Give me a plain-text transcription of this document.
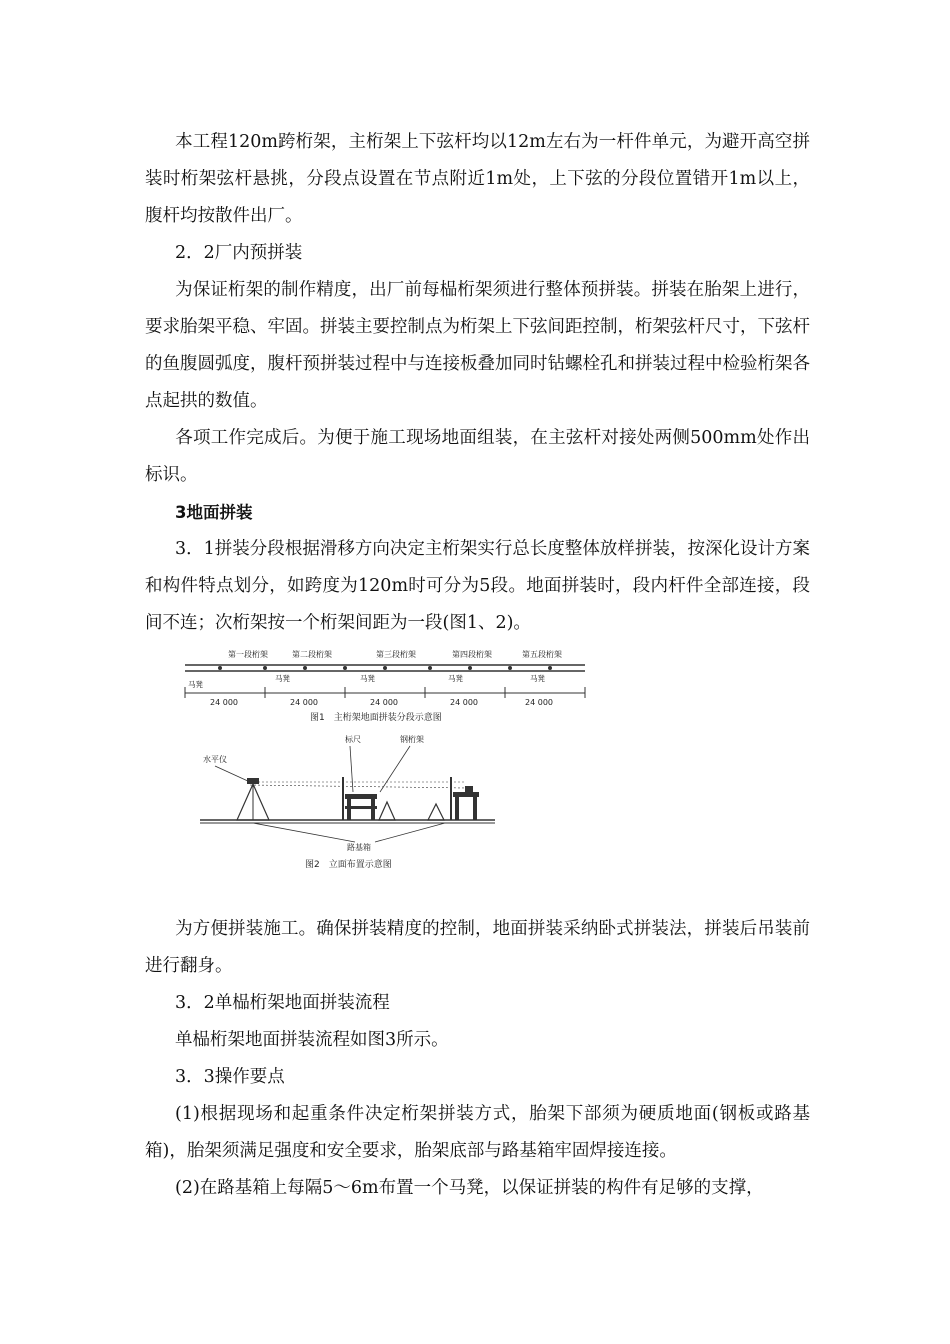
本工程120m跨桁架，主桁架上下弦杆均以12m左右为一杆件单元，为避开高空拼装时桁架弦杆悬挑，分段点设置在节点附近1m处，上下弦的分段位置错开1m以上，腹杆均按散件出厂。

2．2厂内预拼装

为保证桁架的制作精度，出厂前每榀桁架须进行整体预拼装。拼装在胎架上进行，要求胎架平稳、牢固。拼装主要控制点为桁架上下弦间距控制，桁架弦杆尺寸，下弦杆的鱼腹圆弧度，腹杆预拼装过程中与连接板叠加同时钻螺栓孔和拼装过程中检验桁架各点起拱的数值。

各项工作完成后。为便于施工现场地面组装，在主弦杆对接处两侧500mm处作出标识。

3地面拼装

3．1拼装分段根据滑移方向决定主桁架实行总长度整体放样拼装，按深化设计方案和构件特点划分，如跨度为120m时可分为5段。地面拼装时，段内杆件全部连接，段间不连；次桁架按一个桁架间距为一段(图1、2)。

第一段桁架	第二段桁架	第三段桁架	第四段桁架	第五段桁架
马凳	马凳	马凳	马凳
马凳
24 000	24 000	24 000	24 000	24 000
图1　主桁架地面拼装分段示意图
水平仪
标尺	钢桁架
路基箱
图2　立面布置示意图

为方便拼装施工。确保拼装精度的控制，地面拼装采纳卧式拼装法，拼装后吊装前进行翻身。

3．2单榀桁架地面拼装流程

单榀桁架地面拼装流程如图3所示。

3．3操作要点

(1)根据现场和起重条件决定桁架拼装方式，胎架下部须为硬质地面(钢板或路基箱)，胎架须满足强度和安全要求，胎架底部与路基箱牢固焊接连接。

(2)在路基箱上每隔5～6m布置一个马凳，以保证拼装的构件有足够的支撑，
